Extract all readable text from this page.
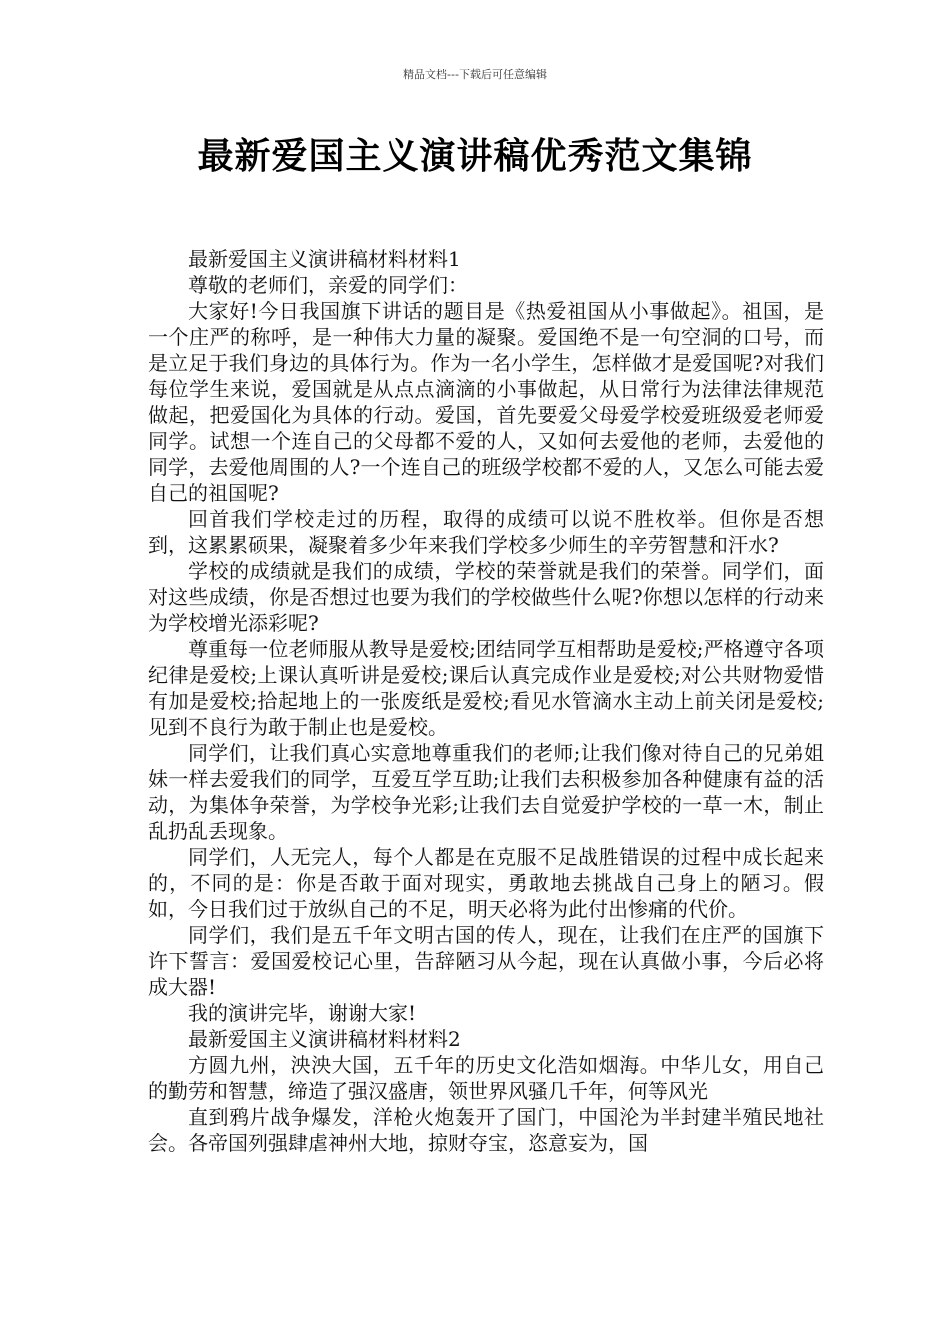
精品文档---下载后可任意编辑
最新爱国主义演讲稿优秀范文集锦

最新爱国主义演讲稿材料材料1

尊敬的老师们，亲爱的同学们：

大家好!今日我国旗下讲话的题目是《热爱祖国从小事做起》。祖国，是一个庄严的称呼，是一种伟大力量的凝聚。爱国绝不是一句空洞的口号，而是立足于我们身边的具体行为。作为一名小学生，怎样做才是爱国呢?对我们每位学生来说，爱国就是从点点滴滴的小事做起，从日常行为法律法律规范做起，把爱国化为具体的行动。爱国，首先要爱父母爱学校爱班级爱老师爱同学。试想一个连自己的父母都不爱的人，又如何去爱他的老师，去爱他的同学，去爱他周围的人?一个连自己的班级学校都不爱的人，又怎么可能去爱自己的祖国呢?

回首我们学校走过的历程，取得的成绩可以说不胜枚举。但你是否想到，这累累硕果，凝聚着多少年来我们学校多少师生的辛劳智慧和汗水?

学校的成绩就是我们的成绩，学校的荣誉就是我们的荣誉。同学们，面对这些成绩，你是否想过也要为我们的学校做些什么呢?你想以怎样的行动来为学校增光添彩呢?

尊重每一位老师服从教导是爱校;团结同学互相帮助是爱校;严格遵守各项纪律是爱校;上课认真听讲是爱校;课后认真完成作业是爱校;对公共财物爱惜有加是爱校;拾起地上的一张废纸是爱校;看见水管滴水主动上前关闭是爱校;见到不良行为敢于制止也是爱校。

同学们，让我们真心实意地尊重我们的老师;让我们像对待自己的兄弟姐妹一样去爱我们的同学，互爱互学互助;让我们去积极参加各种健康有益的活动，为集体争荣誉，为学校争光彩;让我们去自觉爱护学校的一草一木，制止乱扔乱丢现象。

同学们，人无完人，每个人都是在克服不足战胜错误的过程中成长起来的，不同的是：你是否敢于面对现实，勇敢地去挑战自己身上的陋习。假如，今日我们过于放纵自己的不足，明天必将为此付出惨痛的代价。

同学们，我们是五千年文明古国的传人，现在，让我们在庄严的国旗下许下誓言：爱国爱校记心里，告辞陋习从今起，现在认真做小事，今后必将成大器!

我的演讲完毕，谢谢大家!

最新爱国主义演讲稿材料材料2

方圆九州，泱泱大国，五千年的历史文化浩如烟海。中华儿女，用自己的勤劳和智慧，缔造了强汉盛唐，领世界风骚几千年，何等风光

直到鸦片战争爆发，洋枪火炮轰开了国门，中国沦为半封建半殖民地社会。各帝国列强肆虐神州大地，掠财夺宝，恣意妄为，国
